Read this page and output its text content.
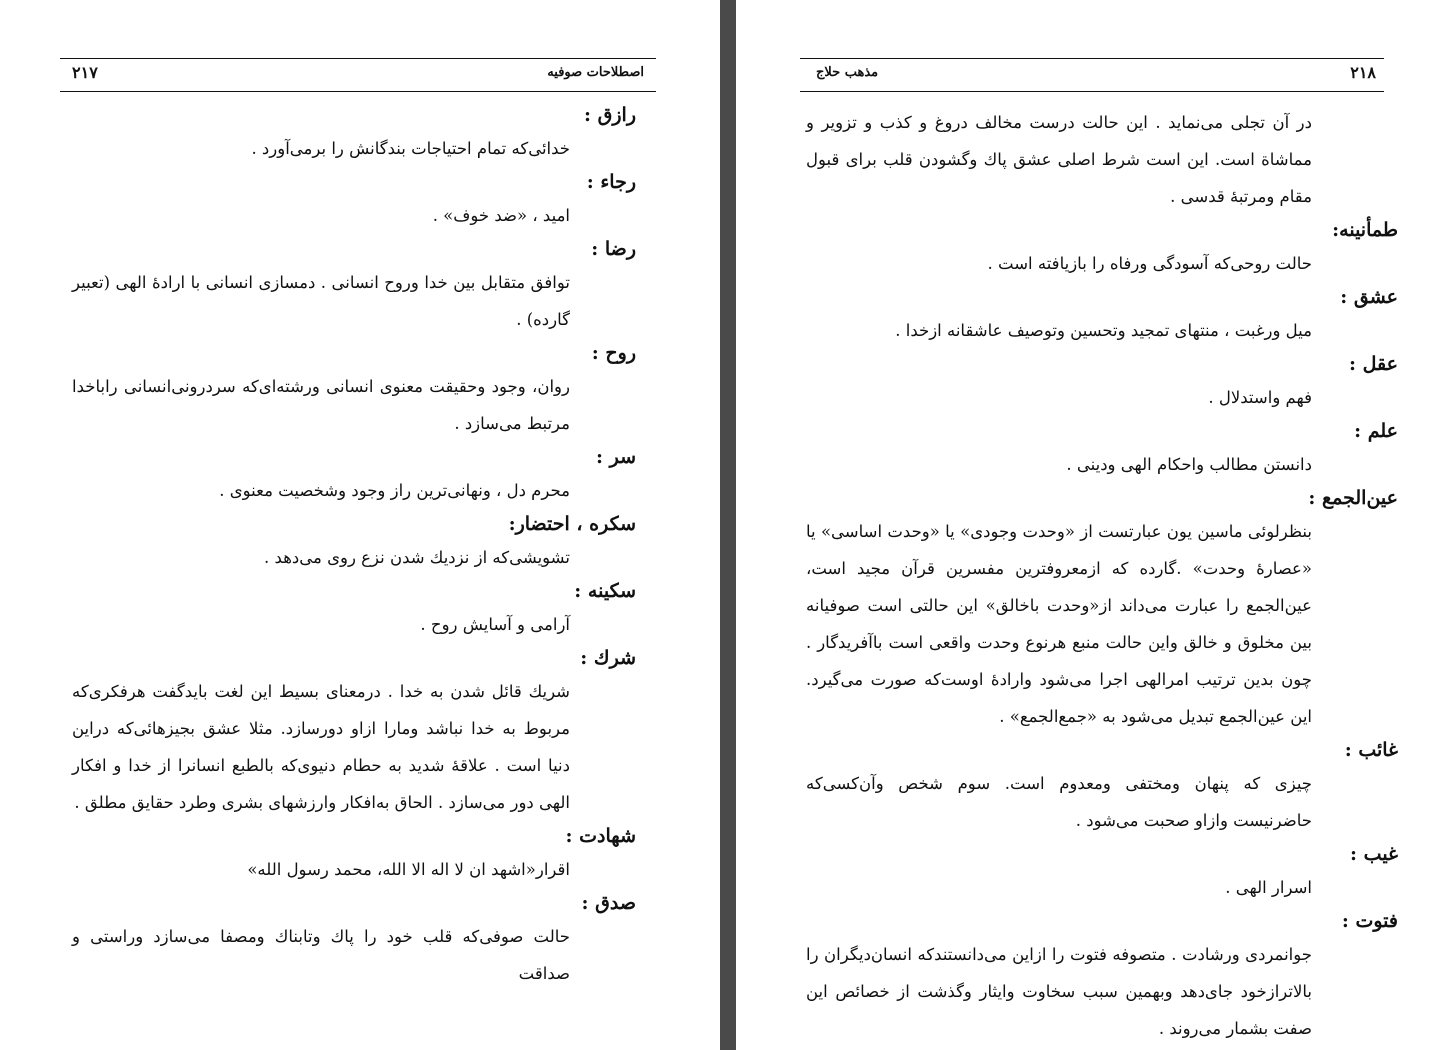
۲۱۷	اصطلاحات صوفیه
رازق :
خدائی‌که تمام احتیاجات بندگانش را برمی‌آورد .
رجاء :
امید ، «ضد خوف» .
رضا :
توافق متقابل بین خدا وروح انسانی . دمسازی انسانی با ارادهٔ الهی (تعبیر گارده) .
روح :
روان، وجود وحقیقت معنوی انسانی ورشته‌ای‌که سردرونی‌انسانی راباخدا مرتبط می‌سازد .
سر :
محرم دل ، ونهانی‌ترین راز وجود وشخصیت معنوی .
سکره ، احتضار:
تشویشی‌که از نزدیك شدن نزع روی می‌دهد .
سکینه :
آرامی و آسایش روح .
شرك :
شریك قائل شدن به خدا . درمعنای بسیط این لغت بایدگفت هرفکری‌که مربوط به خدا نباشد ومارا ازاو دورسازد. مثلا عشق بجیزهائی‌که دراین دنیا است . علاقهٔ شدید به حطام دنیوی‌که بالطبع انسانرا از خدا و افکار الهی دور می‌سازد . الحاق به‌افکار وارزشهای بشری وطرد حقایق مطلق .
شهادت :
اقرار«اشهد ان لا اله الا الله، محمد رسول الله»
صدق :
حالت صوفی‌که قلب خود را پاك وتابناك ومصفا می‌سازد وراستی و صداقت
مذهب حلاج	۲۱۸
در آن تجلی می‌نماید . این حالت درست مخالف دروغ و کذب و تزویر و مماشاة است. این است شرط اصلی عشق پاك وگشودن قلب برای قبول مقام ومرتبهٔ قدسی .
طمأنینه:
حالت روحی‌که آسودگی ورفاه را بازیافته است .
عشق :
میل ورغبت ، منتهای تمجید وتحسین وتوصیف عاشقانه ازخدا .
عقل :
فهم واستدلال .
علم :
دانستن مطالب واحکام الهی ودینی .
عین‌الجمع :
بنظرلوئی ماسین یون عبارتست از «وحدت وجودی» یا «وحدت اساسی» یا «عصارهٔ وحدت» .گارده که ازمعروفترین مفسرین قرآن مجید است، عین‌الجمع را عبارت می‌داند از«وحدت باخالق» این حالتی است صوفیانه بین مخلوق و خالق واین حالت منبع هرنوع وحدت واقعی است باآفریدگار . چون بدین ترتیب امرالهی اجرا می‌شود وارادهٔ اوست‌که صورت می‌گیرد. این عین‌الجمع تبدیل می‌شود به «جمع‌الجمع» .
غائب :
چیزی که پنهان ومختفی ومعدوم است. سوم شخص وآن‌کسی‌که حاضرنیست وازاو صحبت می‌شود .
غیب :
اسرار الهی .
فتوت :
جوانمردی ورشادت . متصوفه فتوت را ازاین می‌دانستندکه انسان‌دیگران را بالاترازخود جای‌دهد وبهمین سبب سخاوت وایثار وگذشت از خصائص این صفت بشمار می‌روند .
